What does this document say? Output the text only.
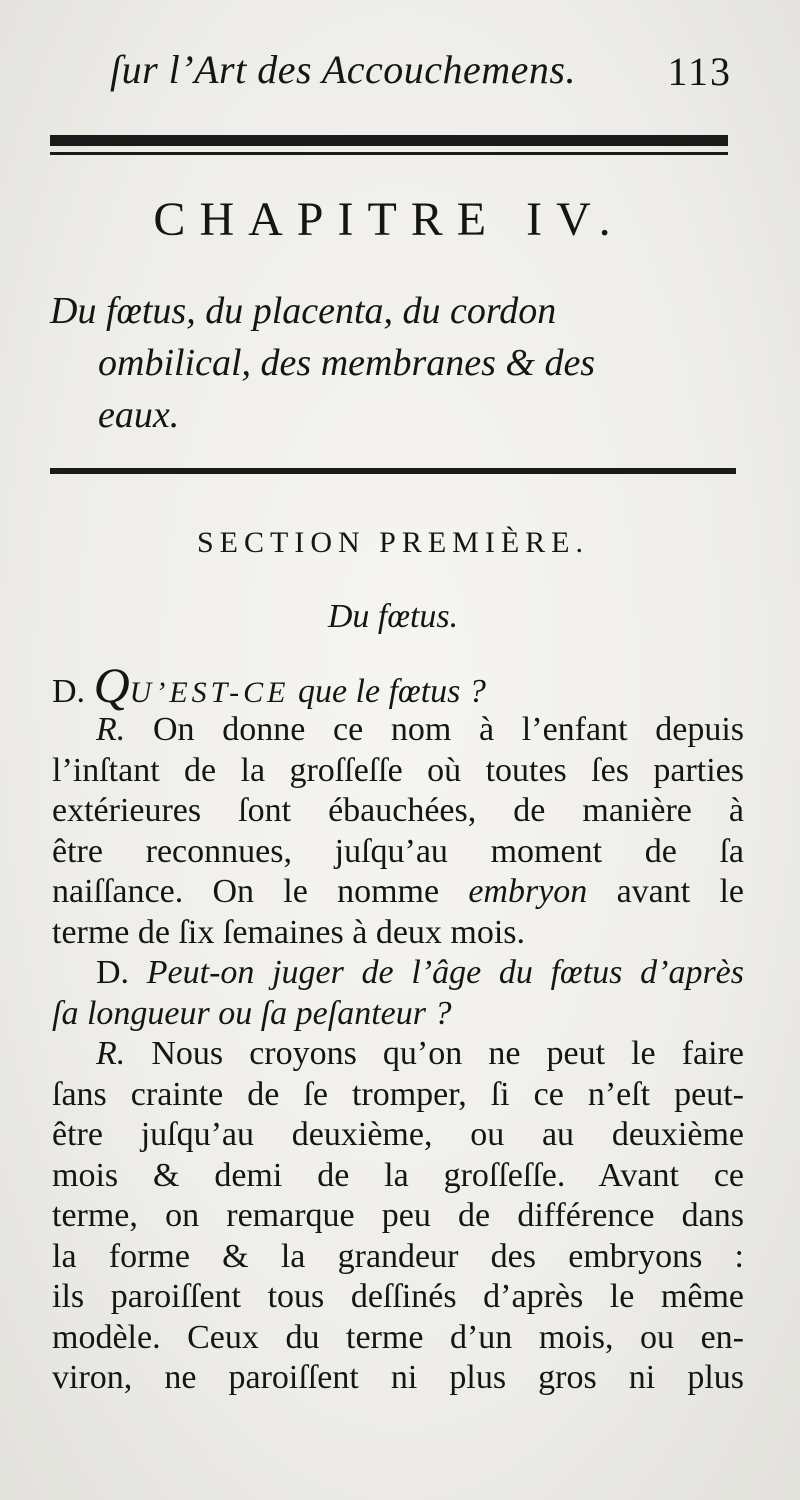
ſur l’Art des Accouchemens. 113
CHAPITRE IV.
Du fœtus, du placenta, du cordon
ombilical, des membranes & des
eaux.
SECTION PREMIÈRE.
Du fœtus.
D. QU’EST-CE que le fœtus ?
R. On donne ce nom à l’enfant depuis
l’inſtant de la groſſeſſe où toutes ſes parties
extérieures ſont ébauchées, de manière à
être reconnues, juſqu’au moment de ſa
naiſſance. On le nomme embryon avant le
terme de ſix ſemaines à deux mois.
D. Peut-on juger de l’âge du fœtus d’après
ſa longueur ou ſa peſanteur ?
R. Nous croyons qu’on ne peut le faire
ſans crainte de ſe tromper, ſi ce n’eſt peut-
être juſqu’au deuxième, ou au deuxième
mois & demi de la groſſeſſe. Avant ce
terme, on remarque peu de différence dans
la forme & la grandeur des embryons :
ils paroiſſent tous deſſinés d’après le même
modèle. Ceux du terme d’un mois, ou en-
viron, ne paroiſſent ni plus gros ni plus
